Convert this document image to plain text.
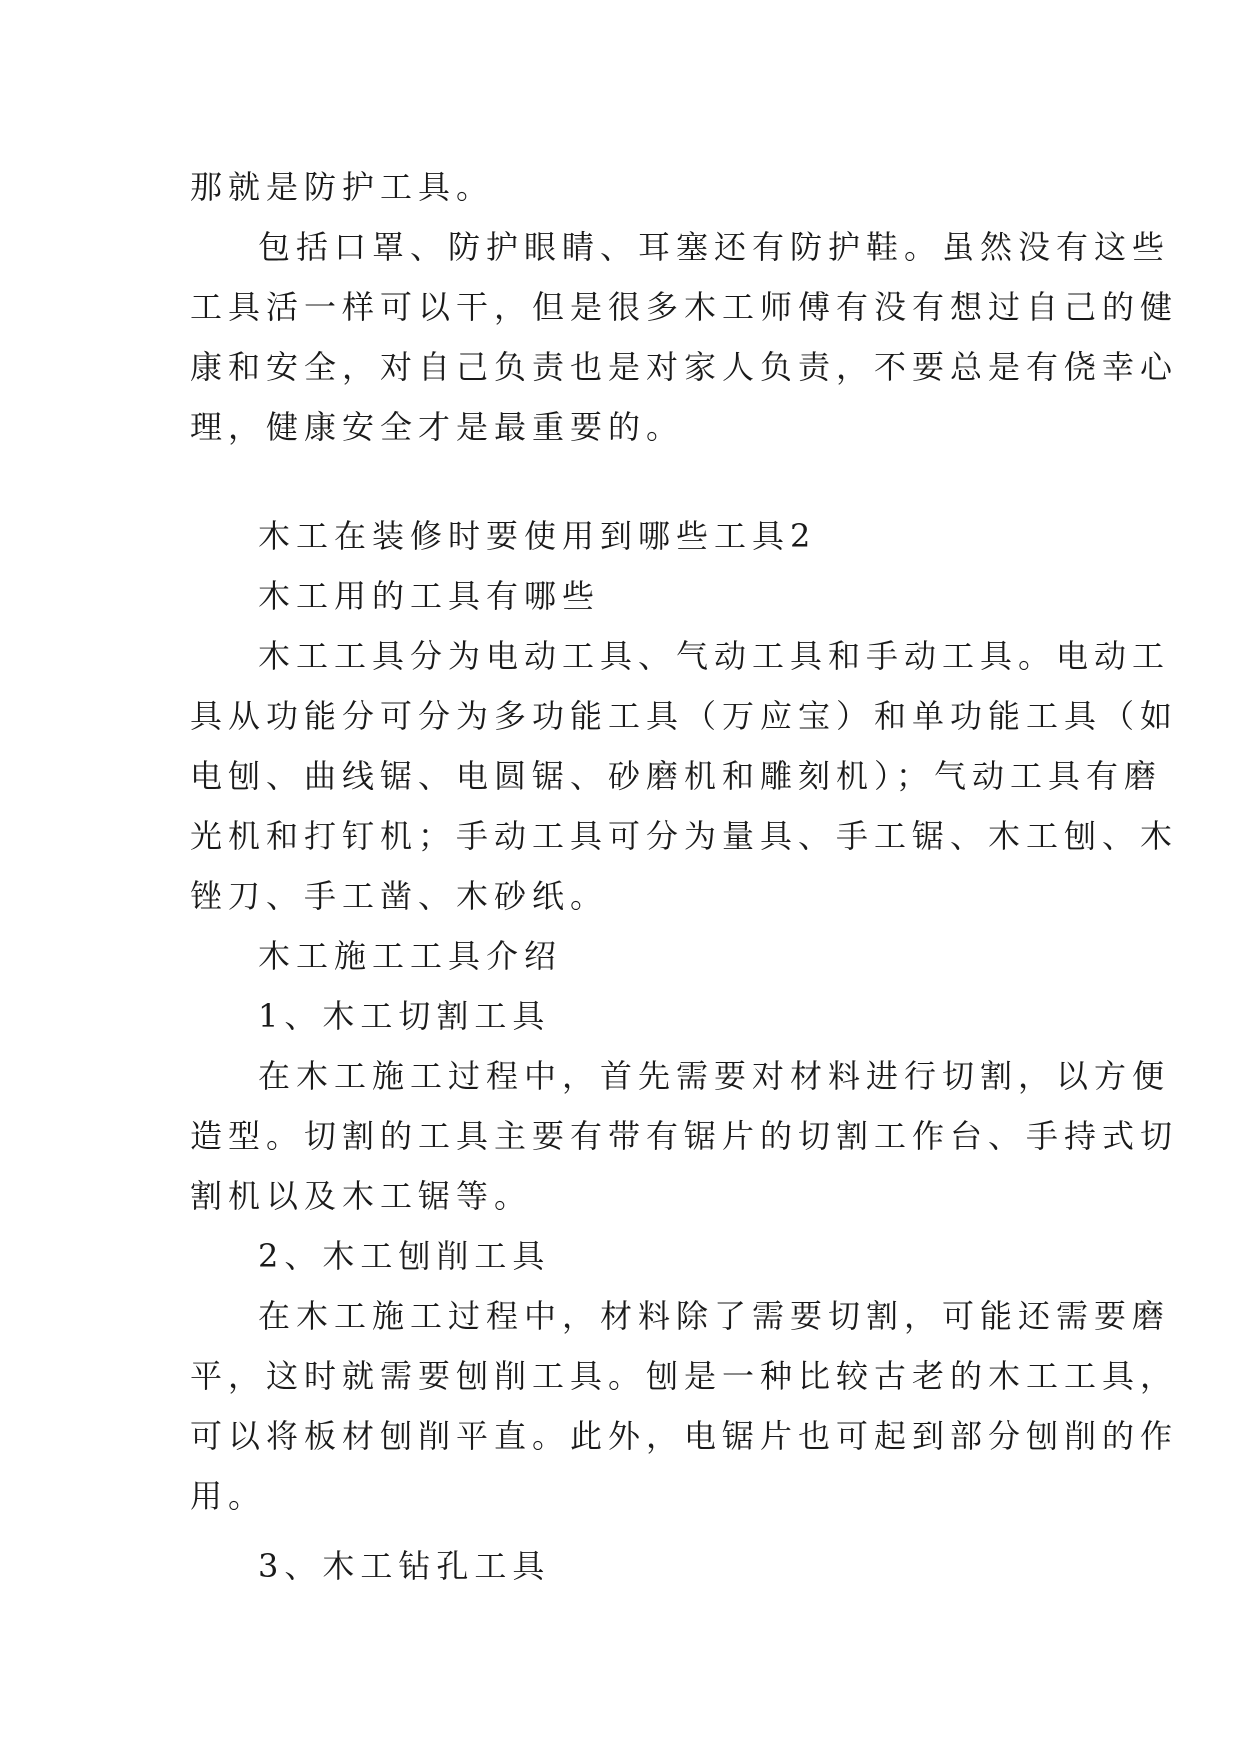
那就是防护工具。
包括口罩、防护眼睛、耳塞还有防护鞋。虽然没有这些
工具活一样可以干，但是很多木工师傅有没有想过自己的健
康和安全，对自己负责也是对家人负责，不要总是有侥幸心
理，健康安全才是最重要的。
木工在装修时要使用到哪些工具2
木工用的工具有哪些
木工工具分为电动工具、气动工具和手动工具。电动工
具从功能分可分为多功能工具（万应宝）和单功能工具（如
电刨、曲线锯、电圆锯、砂磨机和雕刻机）；气动工具有磨
光机和打钉机；手动工具可分为量具、手工锯、木工刨、木
锉刀、手工凿、木砂纸。
木工施工工具介绍
1、木工切割工具
在木工施工过程中，首先需要对材料进行切割，以方便
造型。切割的工具主要有带有锯片的切割工作台、手持式切
割机以及木工锯等。
2、木工刨削工具
在木工施工过程中，材料除了需要切割，可能还需要磨
平，这时就需要刨削工具。刨是一种比较古老的木工工具，
可以将板材刨削平直。此外，电锯片也可起到部分刨削的作
用。
3、木工钻孔工具
